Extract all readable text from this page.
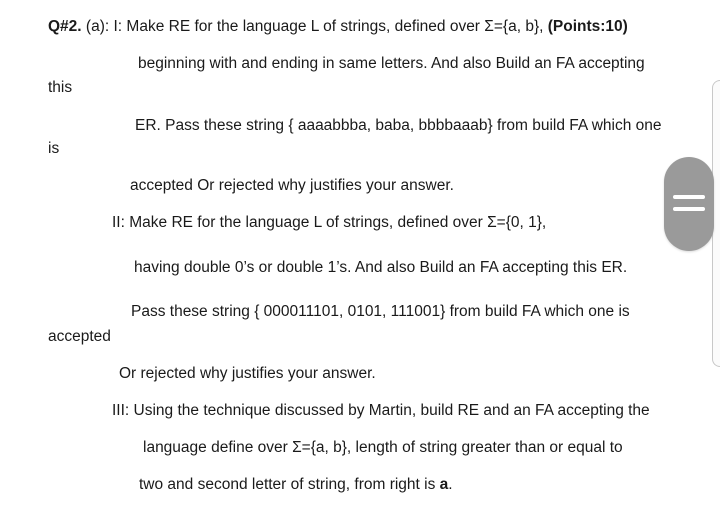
Q#2. (a): I: Make RE for the language L of strings, defined over Σ={a, b}, (Points:10)
beginning with and ending in same letters. And also Build an FA accepting
this
ER. Pass these string { aaaabbba, baba, bbbbaaab} from build FA which one
is
accepted Or rejected why justifies your answer.
II: Make RE for the language L of strings, defined over Σ={0, 1},
having double 0’s or double 1’s. And also Build an FA accepting this ER.
Pass these string { 000011101, 0101, 111001} from build FA which one is
accepted
Or rejected why justifies your answer.
III: Using the technique discussed by Martin, build RE and an FA accepting the
language define over Σ={a, b}, length of string greater than or equal to
two and second letter of string, from right is a.
